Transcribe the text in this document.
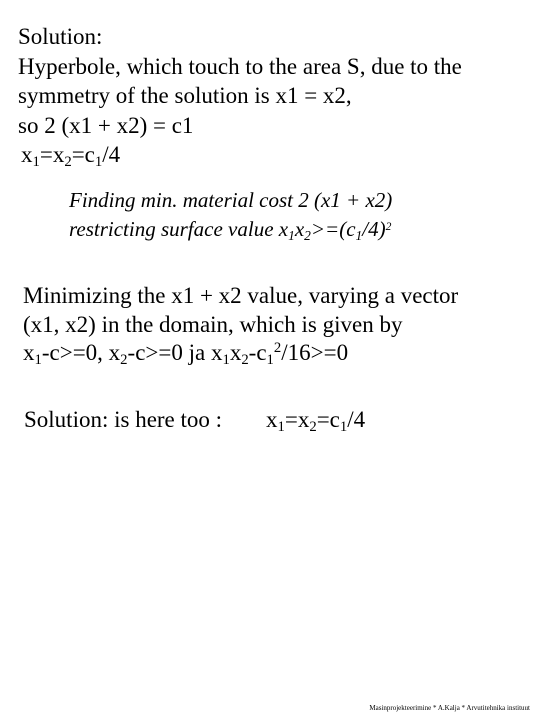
Solution:
Hyperbole, which touch to the area S, due to the
symmetry of the solution is x1 = x2,
so 2 (x1 + x2) = c1
$x_1=x_2=c_1/4$
Finding min. material cost 2 (x1 + x2)
restricting surface value $x_1x_2>=(c_1/4)^2$
Minimizing the x1 + x2 value, varying a vector
(x1, x2) in the domain, which is given by
$x_1-c>=0$, $x_2-c>=0$ ja $x_1x_2-c_1^2/16>=0$
Solution: is here too : $x_1=x_2=c_1/4$
Masinprojekteerimine * A.Kalja * Arvutitehnika instituut
